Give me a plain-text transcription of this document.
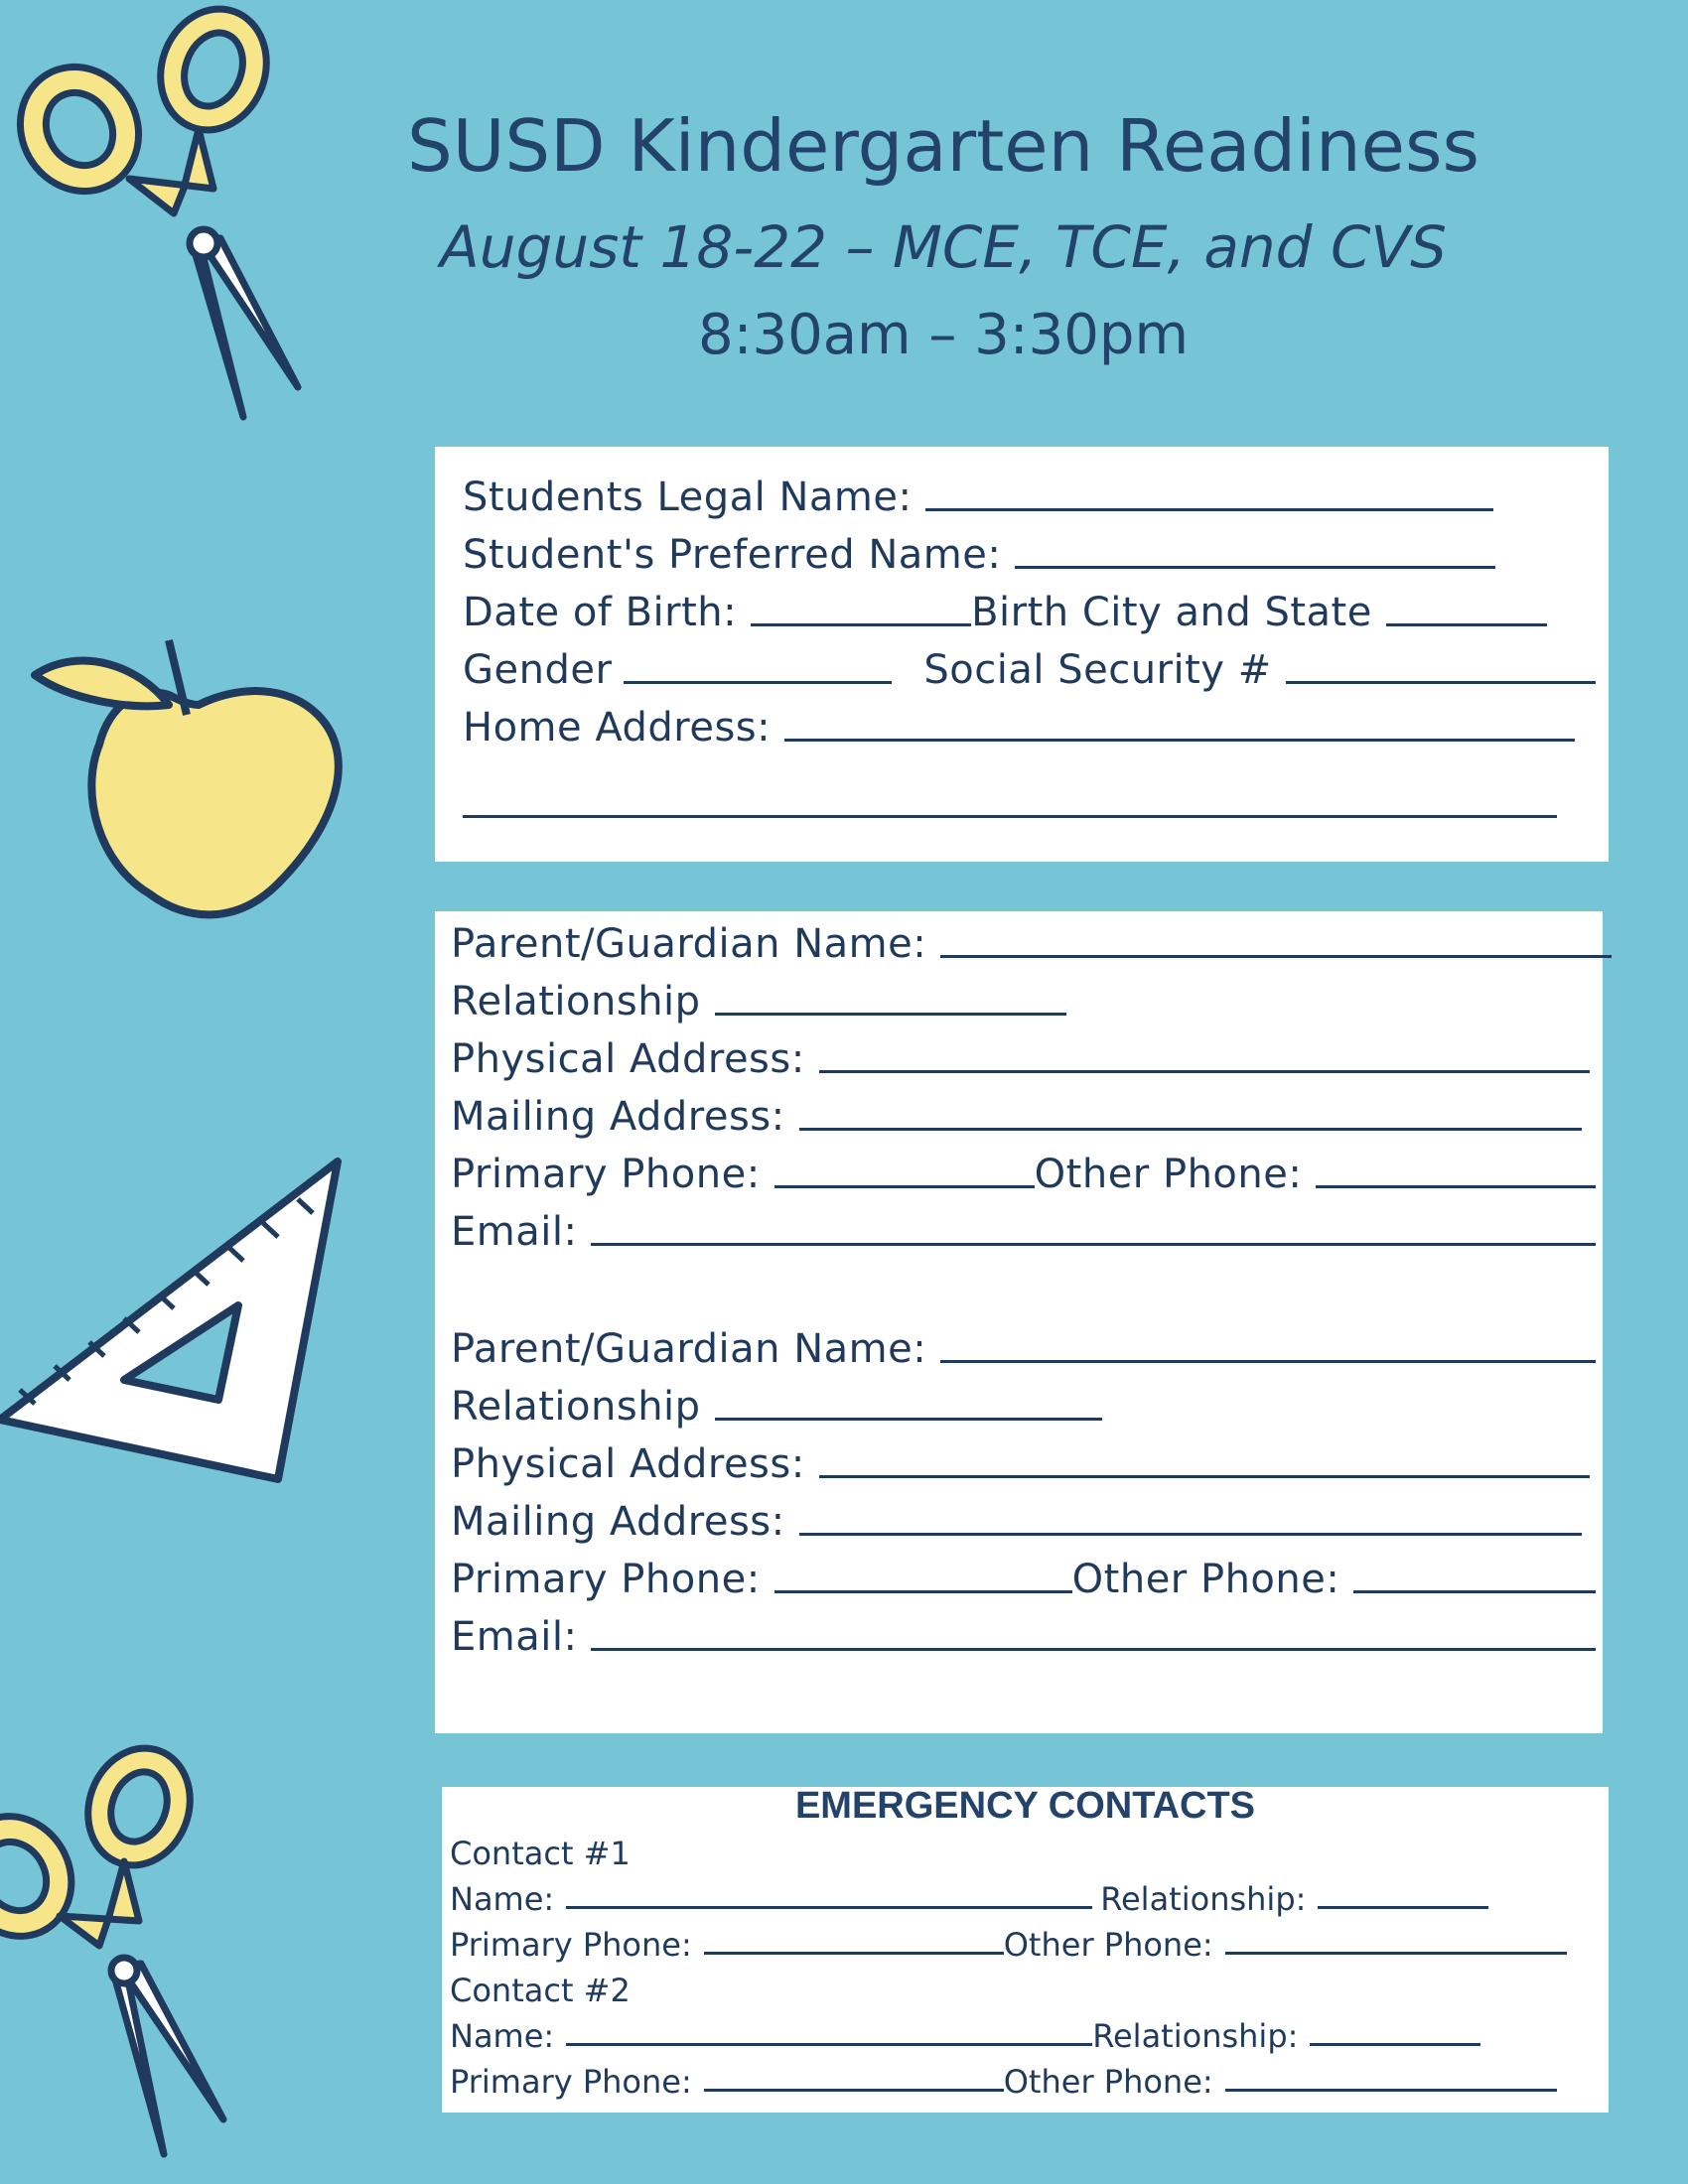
SUSD Kindergarten Readiness
August 18-22 – MCE, TCE, and CVS
8:30am – 3:30pm
Students Legal Name:
Student's Preferred Name:
Date of Birth:	Birth City and State
Gender	Social Security #
Home Address:
Parent/Guardian Name:
Relationship
Physical Address:
Mailing Address:
Primary Phone:	Other Phone:
Email:
Parent/Guardian Name:
Relationship
Physical Address:
Mailing Address:
Primary Phone:	Other Phone:
Email:
EMERGENCY CONTACTS
Contact #1
Name:	Relationship:
Primary Phone:	Other Phone:
Contact #2
Name:	Relationship:
Primary Phone:	Other Phone:
